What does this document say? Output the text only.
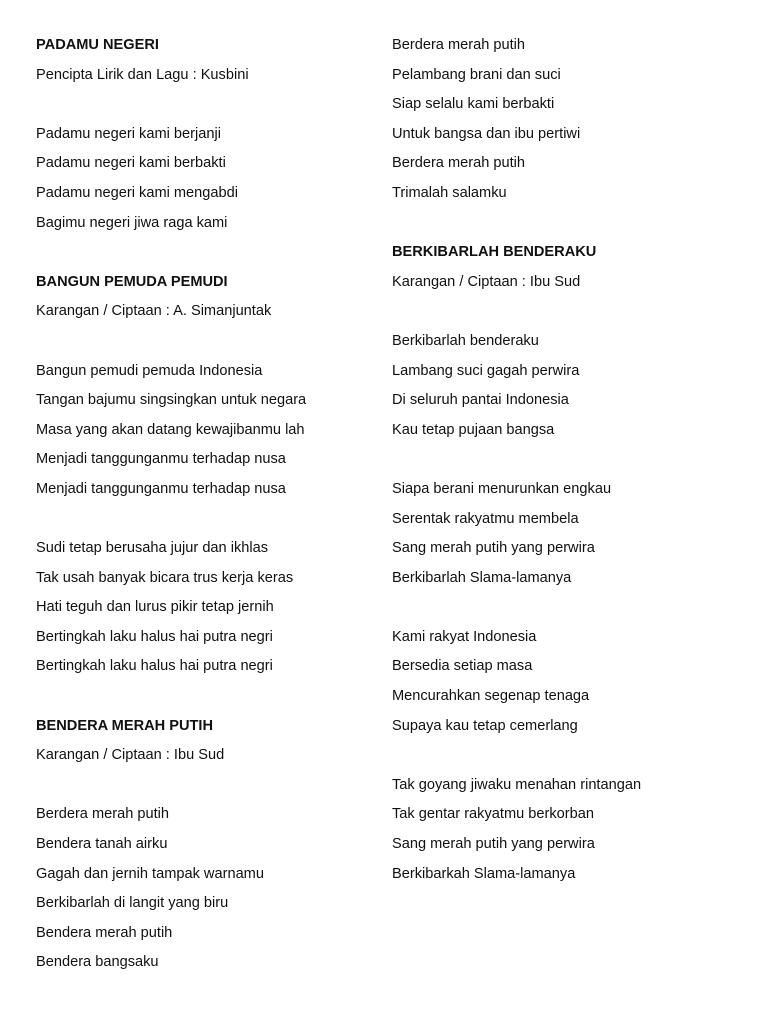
PADAMU NEGERI
Pencipta Lirik dan Lagu : Kusbini
Padamu negeri kami berjanji
Padamu negeri kami berbakti
Padamu negeri kami mengabdi
Bagimu negeri jiwa raga kami
BANGUN PEMUDA PEMUDI
Karangan / Ciptaan : A. Simanjuntak
Bangun pemudi pemuda Indonesia
Tangan bajumu singsingkan untuk negara
Masa yang akan datang kewajibanmu lah
Menjadi tanggunganmu terhadap nusa
Menjadi tanggunganmu terhadap nusa
Sudi tetap berusaha jujur dan ikhlas
Tak usah banyak bicara trus kerja keras
Hati teguh dan lurus pikir tetap jernih
Bertingkah laku halus hai putra negri
Bertingkah laku halus hai putra negri
BENDERA MERAH PUTIH
Karangan / Ciptaan : Ibu Sud
Berdera merah putih
Bendera tanah airku
Gagah dan jernih tampak warnamu
Berkibarlah di langit yang biru
Bendera merah putih
Bendera bangsaku
Berdera merah putih
Pelambang brani dan suci
Siap selalu kami berbakti
Untuk bangsa dan ibu pertiwi
Berdera merah putih
Trimalah salamku
BERKIBARLAH BENDERAKU
Karangan / Ciptaan : Ibu Sud
Berkibarlah benderaku
Lambang suci gagah perwira
Di seluruh pantai Indonesia
Kau tetap pujaan bangsa
Siapa berani menurunkan engkau
Serentak rakyatmu membela
Sang merah putih yang perwira
Berkibarlah Slama-lamanya
Kami rakyat Indonesia
Bersedia setiap masa
Mencurahkan segenap tenaga
Supaya kau tetap cemerlang
Tak goyang jiwaku menahan rintangan
Tak gentar rakyatmu berkorban
Sang merah putih yang perwira
Berkibarkah Slama-lamanya
